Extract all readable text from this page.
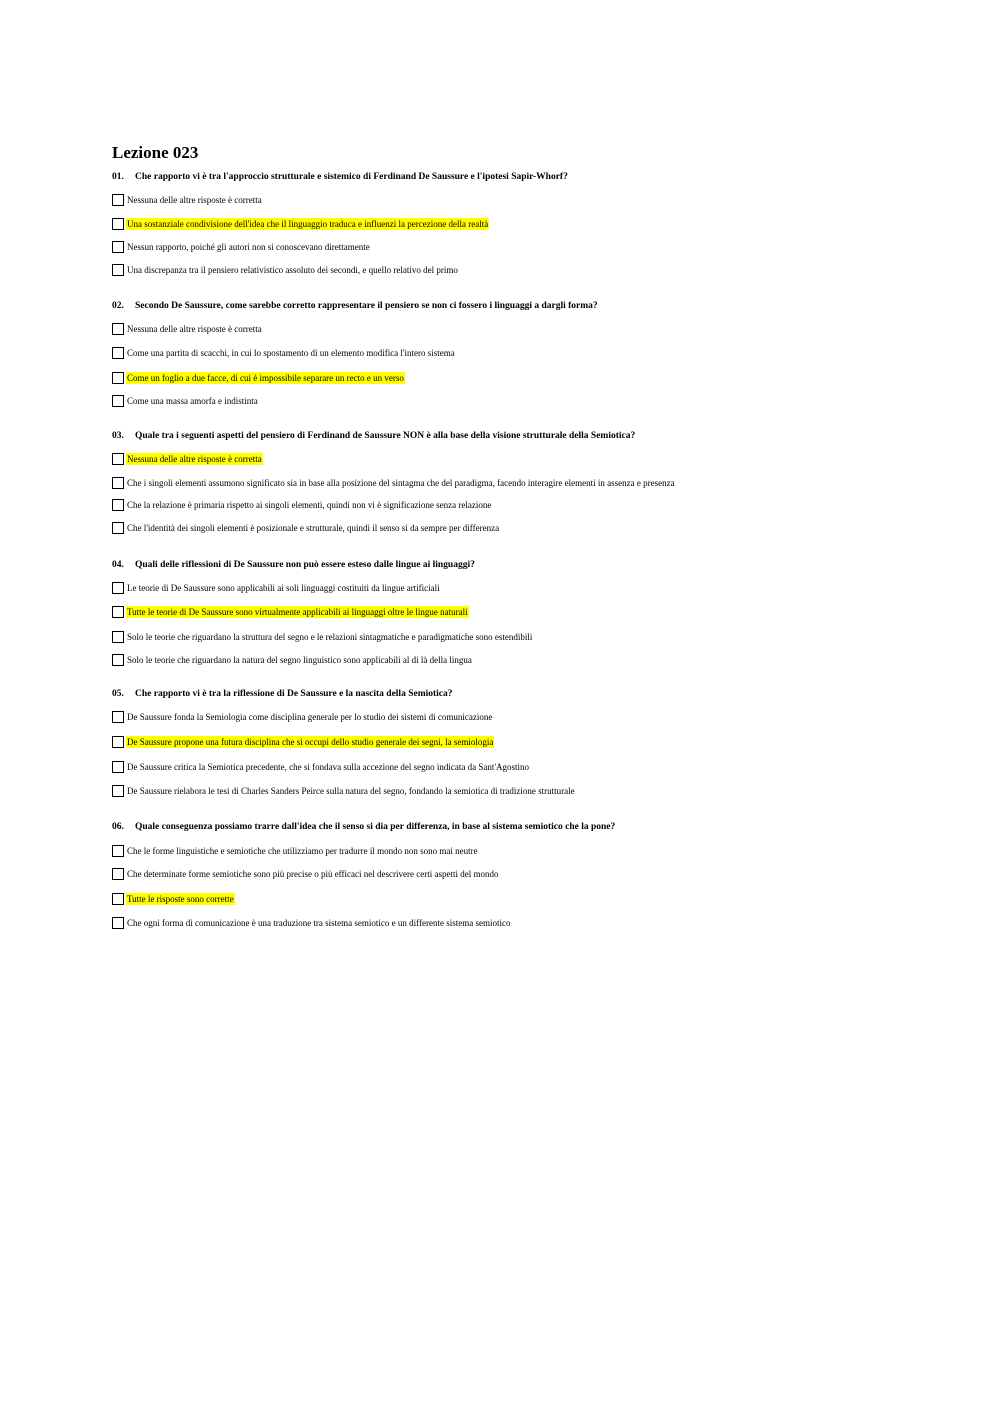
Lezione 023
01. Che rapporto vi è tra l'approccio strutturale e sistemico di Ferdinand De Saussure e l'ipotesi Sapir-Whorf?
Nessuna delle altre risposte è corretta
Una sostanziale condivisione dell'idea che il linguaggio traduca e influenzi la percezione della realtà
Nessun rapporto, poiché gli autori non si conoscevano direttamente
Una discrepanza tra il pensiero relativistico assoluto dei secondi, e quello relativo del primo
02. Secondo De Saussure, come sarebbe corretto rappresentare il pensiero se non ci fossero i linguaggi a dargli forma?
Nessuna delle altre risposte è corretta
Come una partita di scacchi, in cui lo spostamento di un elemento modifica l'intero sistema
Come un foglio a due facce, di cui è impossibile separare un recto e un verso
Come una massa amorfa e indistinta
03. Quale tra i seguenti aspetti del pensiero di Ferdinand de Saussure NON è alla base della visione strutturale della Semiotica?
Nessuna delle altre risposte è corretta
Che i singoli elementi assumono significato sia in base alla posizione del sintagma che del paradigma, facendo interagire elementi in assenza e presenza
Che la relazione è primaria rispetto ai singoli elementi, quindi non vi è significazione senza relazione
Che l'identità dei singoli elementi è posizionale e strutturale, quindi il senso si da sempre per differenza
04. Quali delle riflessioni di De Saussure non può essere esteso dalle lingue ai linguaggi?
Le teorie di De Saussure sono applicabili ai soli linguaggi costituiti da lingue artificiali
Tutte le teorie di De Saussure sono virtualmente applicabili ai linguaggi oltre le lingue naturali
Solo le teorie che riguardano la struttura del segno e le relazioni sintagmatiche e paradigmatiche sono estendibili
Solo le teorie che riguardano la natura del segno linguistico sono applicabili al di là della lingua
05. Che rapporto vi è tra la riflessione di De Saussure e la nascita della Semiotica?
De Saussure fonda la Semiologia come disciplina generale per lo studio dei sistemi di comunicazione
De Saussure propone una futura disciplina che si occupi dello studio generale dei segni, la semiologia
De Saussure critica la Semiotica precedente, che si fondava sulla accezione del segno indicata da Sant'Agostino
De Saussure rielabora le tesi di Charles Sanders Peirce sulla natura del segno, fondando la semiotica di tradizione strutturale
06. Quale conseguenza possiamo trarre dall'idea che il senso si dia per differenza, in base al sistema semiotico che la pone?
Che le forme linguistiche e semiotiche che utilizziamo per tradurre il mondo non sono mai neutre
Che determinate forme semiotiche sono più precise o più efficaci nel descrivere certi aspetti del mondo
Tutte le risposte sono corrette
Che ogni forma di comunicazione è una traduzione tra sistema semiotico e un differente sistema semiotico
